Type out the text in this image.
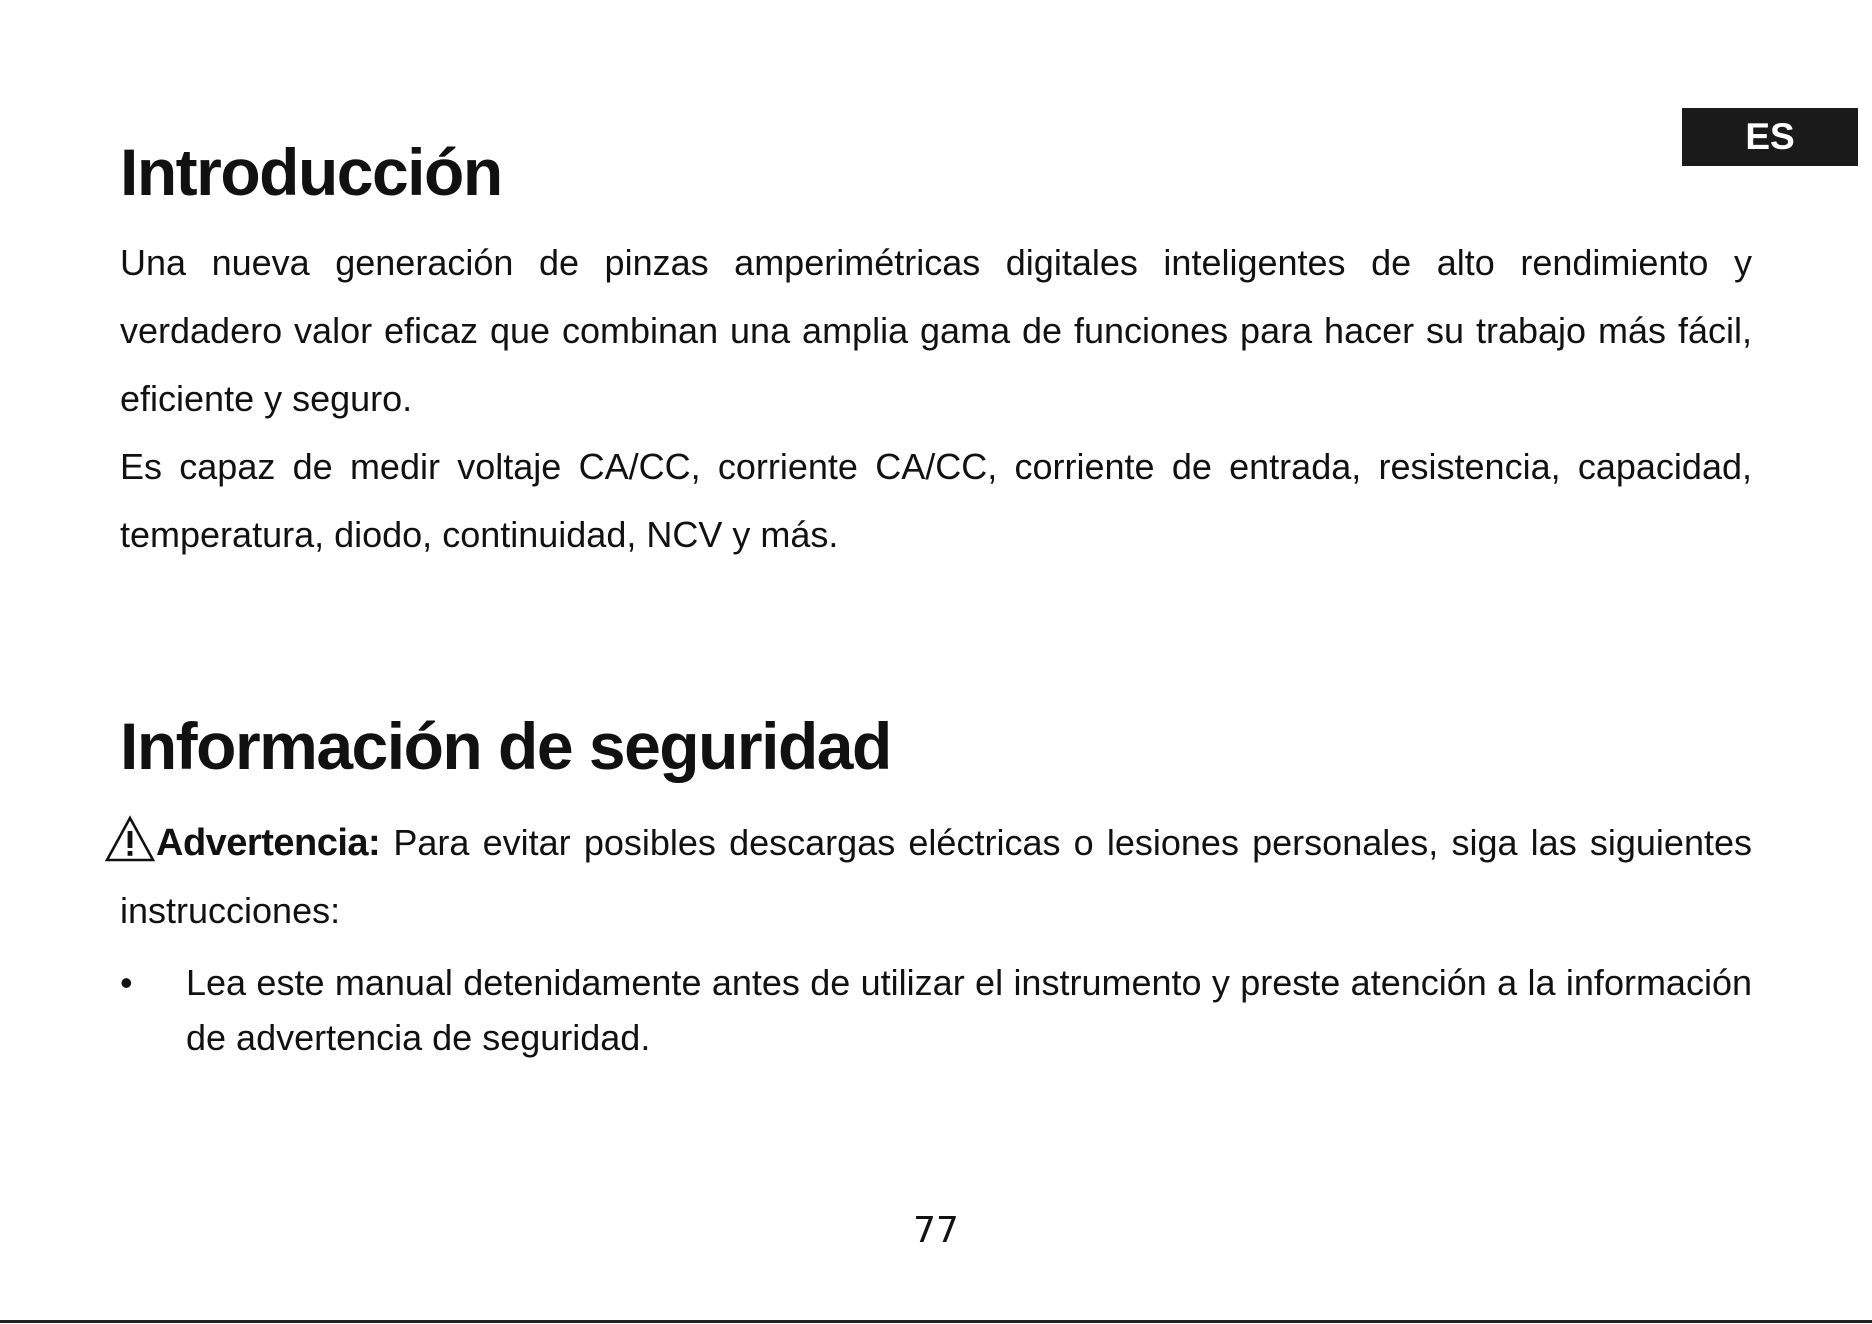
ES
Introducción

Una nueva generación de pinzas amperimétricas digitales inteligentes de alto rendimiento y verdadero valor eficaz que combinan una amplia gama de funciones para hacer su trabajo más fácil, eficiente y seguro.

Es capaz de medir voltaje CA/CC, corriente CA/CC, corriente de entrada, resistencia, capacidad, temperatura, diodo, continuidad, NCV y más.

Información de seguridad

Advertencia: Para evitar posibles descargas eléctricas o lesiones personales, siga las siguientes instrucciones:

•	Lea este manual detenidamente antes de utilizar el instrumento y preste atención a la información de advertencia de seguridad.
77
